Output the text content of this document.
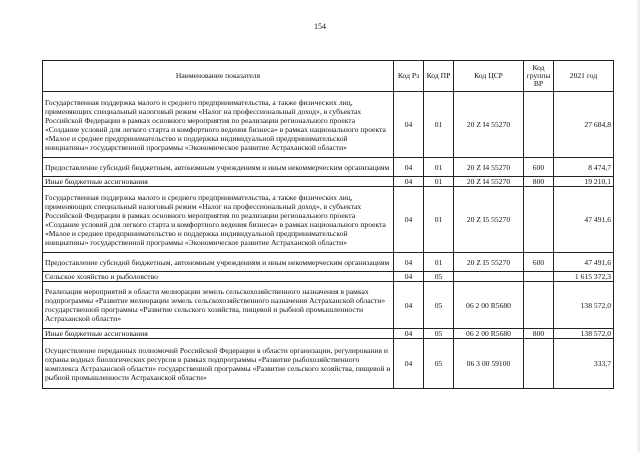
154
Наименование показателя	Код Рз	Код ПР	Код ЦСР	Код группы ВР	2021 год
Государственная поддержка малого и среднего предпринимательства, а также физических лиц, применяющих специальный налоговый режим «Налог на профессиональный доход», в субъектах Российской Федерации в рамках основного мероприятия по реализации регионального проекта «Создание условий для легкого старта и комфортного ведения бизнеса» в рамках национального проекта «Малое и среднее предпринимательство и поддержка индивидуальной предпринимательской инициативы» государственной программы «Экономическое развитие Астраханской области»	04	01	20 Z I4 55270		27 684,8
Предоставление субсидий бюджетным, автономным учреждениям и иным некоммерческим организациям	04	01	20 Z I4 55270	600	8 474,7
Иные бюджетные ассигнования	04	01	20 Z I4 55270	800	19 210,1
Государственная поддержка малого и среднего предпринимательства, а также физических лиц, применяющих специальный налоговый режим «Налог на профессиональный доход», в субъектах Российской Федерации в рамках основного мероприятия по реализации регионального проекта «Создание условий для легкого старта и комфортного ведения бизнеса» в рамках национального проекта «Малое и среднее предпринимательство и поддержка индивидуальной предпринимательской инициативы» государственной программы «Экономическое развитие Астраханской области»	04	01	20 Z I5 55270		47 491,6
Предоставление субсидий бюджетным, автономным учреждениям и иным некоммерческим организациям	04	01	20 Z I5 55270	600	47 491,6
Сельское хозяйство и рыболовство	04	05			1 615 372,3
Реализация мероприятий в области мелиорации земель сельскохозяйственного назначения в рамках подпрограммы «Развитие мелиорации земель сельскохозяйственного назначения Астраханской области» государственной программы «Развитие сельского хозяйства, пищевой и рыбной промышленности Астраханской области»	04	05	06 2 00 R5680		138 572,0
Иные бюджетные ассигнования	04	05	06 2 00 R5680	800	138 572,0
Осуществление переданных полномочий Российской Федерации в области организации, регулирования и охраны водных биологических ресурсов в рамках подпрограммы «Развитие рыбохозяйственного комплекса Астраханской области» государственной программы «Развитие сельского хозяйства, пищевой и рыбной промышленности Астраханской области»	04	05	06 3 00 59100		333,7
